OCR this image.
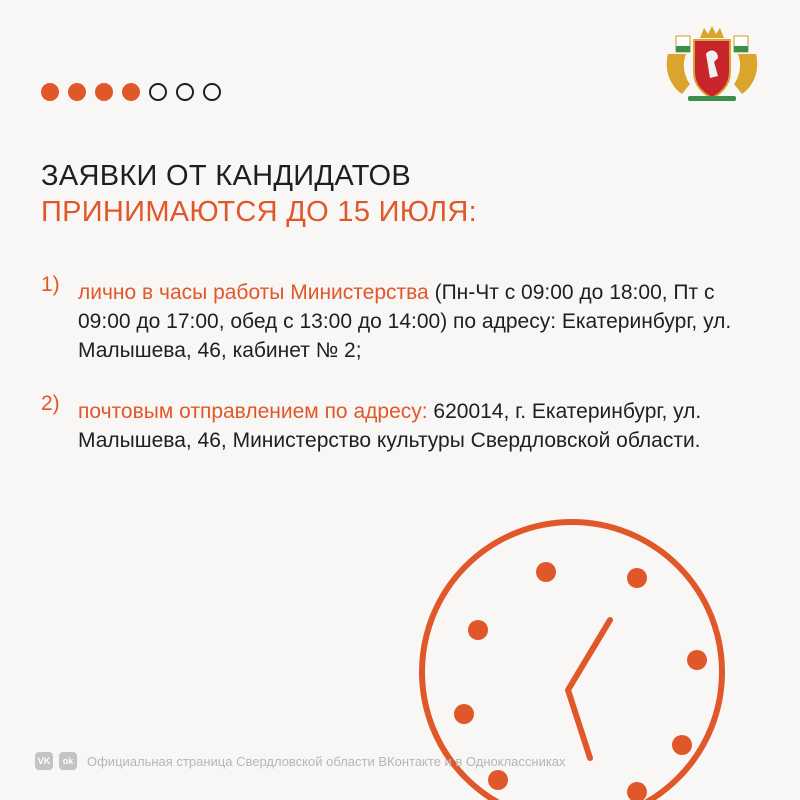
ЗАЯВКИ ОТ КАНДИДАТОВ
ПРИНИМАЮТСЯ ДО 15 ИЮЛЯ:
1) лично в часы работы Министерства (Пн-Чт с 09:00 до 18:00, Пт с 09:00 до 17:00, обед с 13:00 до 14:00) по адресу: Екатеринбург, ул. Малышева, 46, кабинет № 2;
2) почтовым отправлением по адресу: 620014, г. Екатеринбург, ул. Малышева, 46, Министерство культуры Свердловской области.
VK	ok Официальная страница Свердловской области ВКонтакте и в Одноклассниках
